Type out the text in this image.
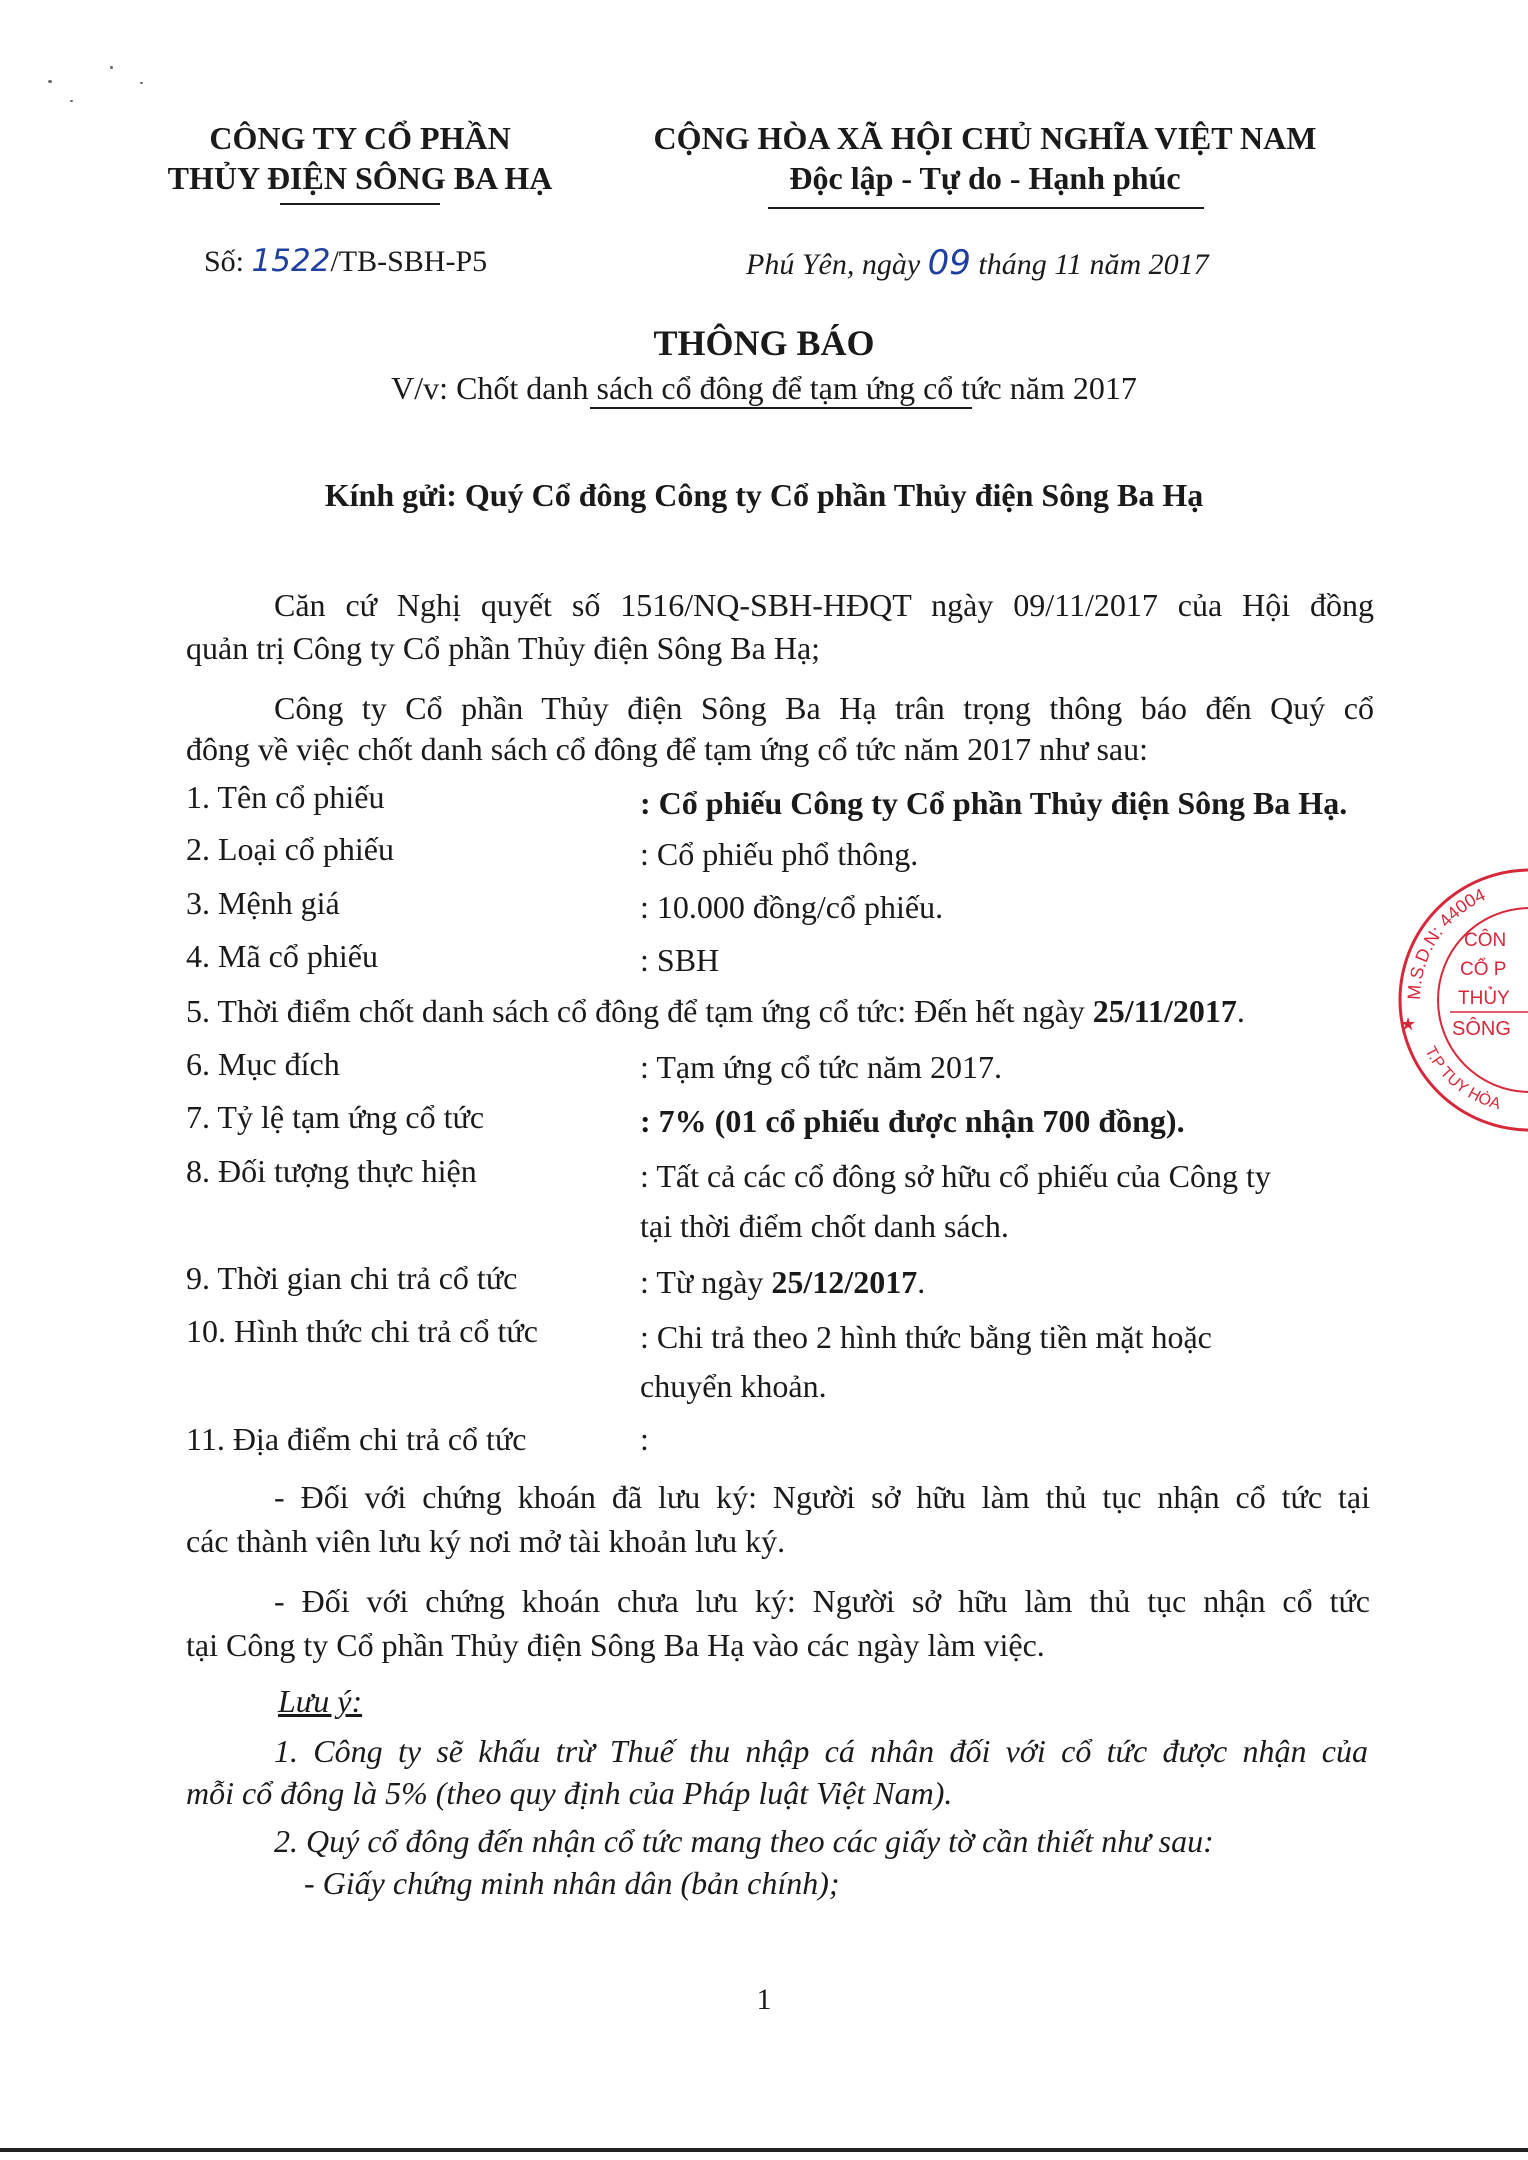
CÔNG TY CỔ PHẦN
THỦY ĐIỆN SÔNG BA HẠ
CỘNG HÒA XÃ HỘI CHỦ NGHĨA VIỆT NAM
Độc lập - Tự do - Hạnh phúc
Số: 1522/TB-SBH-P5	Phú Yên, ngày 09 tháng 11 năm 2017
THÔNG BÁO
V/v: Chốt danh sách cổ đông để tạm ứng cổ tức năm 2017
Kính gửi: Quý Cổ đông Công ty Cổ phần Thủy điện Sông Ba Hạ
Căn cứ Nghị quyết số 1516/NQ-SBH-HĐQT ngày 09/11/2017 của Hội đồng
quản trị Công ty Cổ phần Thủy điện Sông Ba Hạ;
Công ty Cổ phần Thủy điện Sông Ba Hạ trân trọng thông báo đến Quý cổ
đông về việc chốt danh sách cổ đông để tạm ứng cổ tức năm 2017 như sau:
1. Tên cổ phiếu	: Cổ phiếu Công ty Cổ phần Thủy điện Sông Ba Hạ.
2. Loại cổ phiếu	: Cổ phiếu phổ thông.
3. Mệnh giá	: 10.000 đồng/cổ phiếu.
4. Mã cổ phiếu	: SBH
5. Thời điểm chốt danh sách cổ đông để tạm ứng cổ tức: Đến hết ngày 25/11/2017.
6. Mục đích	: Tạm ứng cổ tức năm 2017.
7. Tỷ lệ tạm ứng cổ tức	: 7% (01 cổ phiếu được nhận 700 đồng).
8. Đối tượng thực hiện	: Tất cả các cổ đông sở hữu cổ phiếu của Công ty
tại thời điểm chốt danh sách.
9. Thời gian chi trả cổ tức	: Từ ngày 25/12/2017.
10. Hình thức chi trả cổ tức	: Chi trả theo 2 hình thức bằng tiền mặt hoặc
chuyển khoản.
11. Địa điểm chi trả cổ tức	:
- Đối với chứng khoán đã lưu ký: Người sở hữu làm thủ tục nhận cổ tức tại
các thành viên lưu ký nơi mở tài khoản lưu ký.
- Đối với chứng khoán chưa lưu ký: Người sở hữu làm thủ tục nhận cổ tức
tại Công ty Cổ phần Thủy điện Sông Ba Hạ vào các ngày làm việc.
Lưu ý:
1. Công ty sẽ khấu trừ Thuế thu nhập cá nhân đối với cổ tức được nhận của
mỗi cổ đông là 5% (theo quy định của Pháp luật Việt Nam).
2. Quý cổ đông đến nhận cổ tức mang theo các giấy tờ cần thiết như sau:
- Giấy chứng minh nhân dân (bản chính);
1
M.S.D.N: 44004
T.P TUY HÒA
★
CÔN
CỔ P
THỦY
SÔNG
